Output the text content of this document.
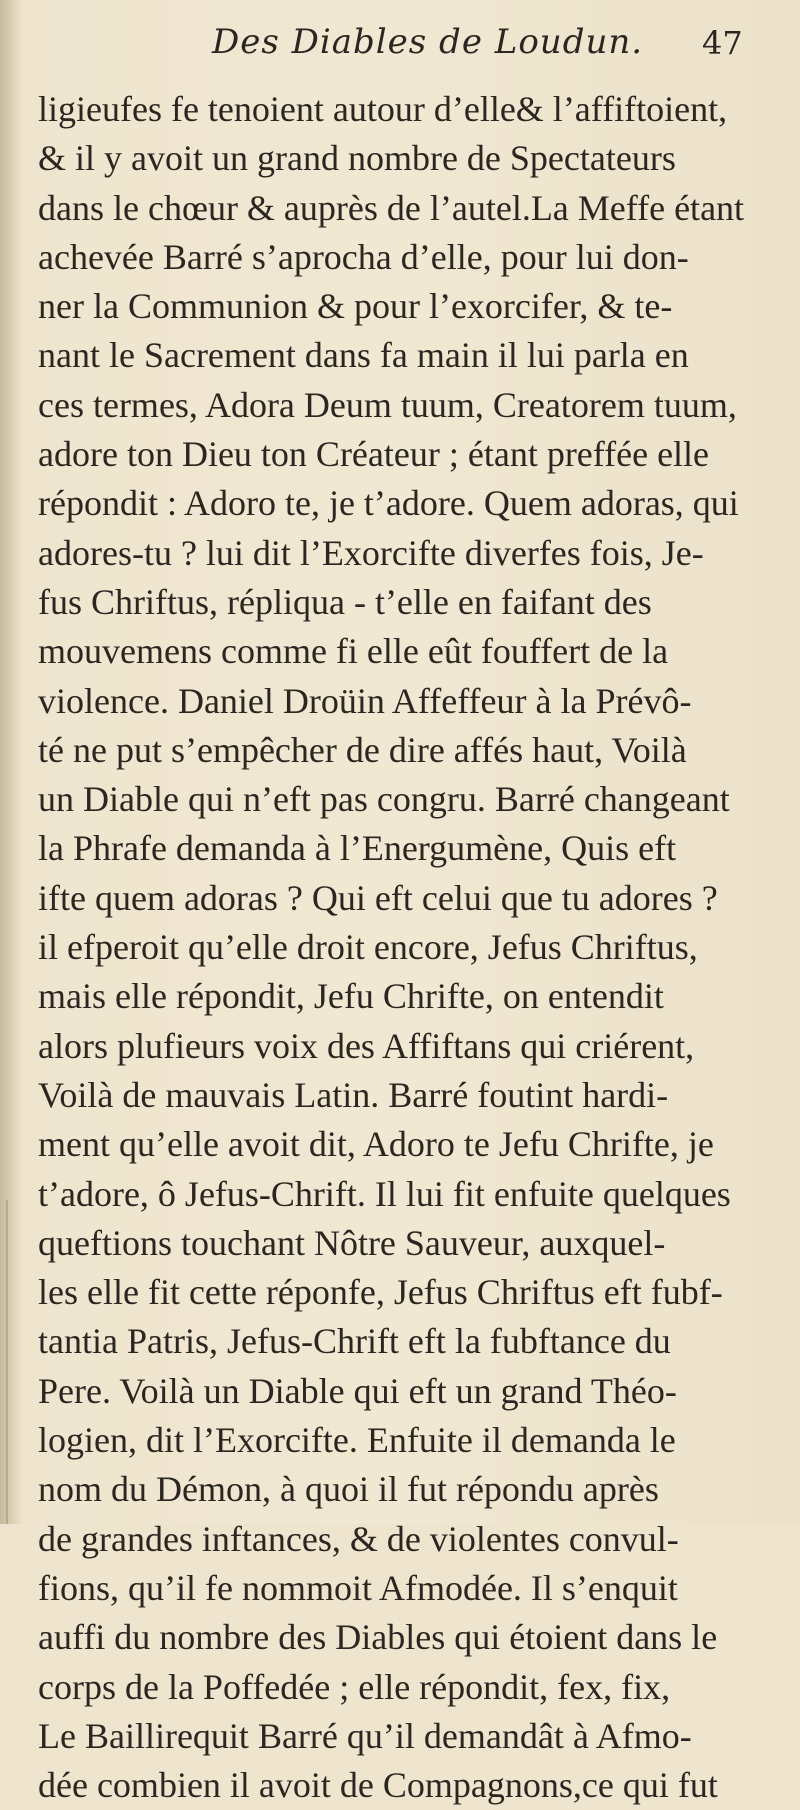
Des Diables de Loudun. 47
ligieufes fe tenoient autour d’elle& l’affiftoient,
& il y avoit un grand nombre de Spectateurs
dans le chœur & auprès de l’autel.La Meffe étant
achevée Barré s’aprocha d’elle, pour lui don-
ner la Communion & pour l’exorcifer, & te-
nant le Sacrement dans fa main il lui parla en
ces termes, Adora Deum tuum, Creatorem tuum,
adore ton Dieu ton Créateur ; étant preffée elle
répondit : Adoro te, je t’adore. Quem adoras, qui
adores-tu ? lui dit l’Exorcifte diverfes fois, Je-
fus Chriftus, répliqua - t’elle en faifant des
mouvemens comme fi elle eût fouffert de la
violence. Daniel Droüin Affeffeur à la Prévô-
té ne put s’empêcher de dire affés haut, Voilà
un Diable qui n’eft pas congru. Barré changeant
la Phrafe demanda à l’Energumène, Quis eft
ifte quem adoras ? Qui eft celui que tu adores ?
il efperoit qu’elle droit encore, Jefus Chriftus,
mais elle répondit, Jefu Chrifte, on entendit
alors plufieurs voix des Affiftans qui criérent,
Voilà de mauvais Latin. Barré foutint hardi-
ment qu’elle avoit dit, Adoro te Jefu Chrifte, je
t’adore, ô Jefus-Chrift. Il lui fit enfuite quelques
queftions touchant Nôtre Sauveur, auxquel-
les elle fit cette réponfe, Jefus Chriftus eft fubf-
tantia Patris, Jefus-Chrift eft la fubftance du
Pere. Voilà un Diable qui eft un grand Théo-
logien, dit l’Exorcifte. Enfuite il demanda le
nom du Démon, à quoi il fut répondu après
de grandes inftances, & de violentes convul-
fions, qu’il fe nommoit Afmodée. Il s’enquit
auffi du nombre des Diables qui étoient dans le
corps de la Poffedée ; elle répondit, fex, fix,
Le Baillirequit Barré qu’il demandât à Afmo-
dée combien il avoit de Compagnons,ce qui fut
